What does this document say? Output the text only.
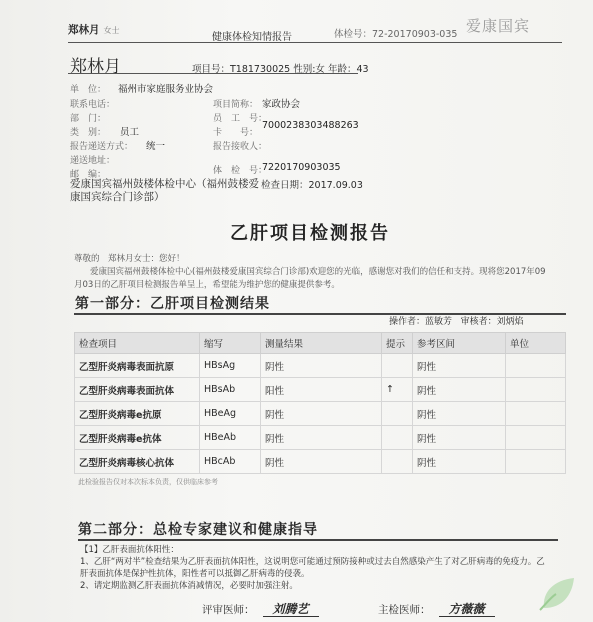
郑林月 女士
健康体检知情报告	体检号：72-20170903-035 爱康国宾
郑林月	项目号：T181730025 性别:女 年龄：43
单　位： 福州市家庭服务业协会
联系电话：
部　门：
类　别： 员工
报告递送方式： 统一
递送地址：
邮　编：
项目简称： 家政协会
员　工　号：
卡　　号：
7000238303488263
报告接收人：
体　检　号：
7220170903035
爱康国宾福州鼓楼体检中心（福州鼓楼爱康国宾综合门诊部）
检查日期：2017.09.03
乙肝项目检测报告
尊敬的　郑林月女士：您好！
爱康国宾福州鼓楼体检中心(福州鼓楼爱康国宾综合门诊部)欢迎您的光临，感谢您对我们的信任和支持。现将您2017年09月03日的乙肝项目检测报告单呈上，希望能为维护您的健康提供参考。
第一部分：乙肝项目检测结果
操作者：蓝敏芳 审核者：刘炳焰
检查项目	缩写	测量结果	提示	参考区间	单位
乙型肝炎病毒表面抗原	HBsAg	阴性		阴性	
乙型肝炎病毒表面抗体	HBsAb	阳性	↑	阴性	
乙型肝炎病毒e抗原	HBeAg	阴性		阴性	
乙型肝炎病毒e抗体	HBeAb	阴性		阴性	
乙型肝炎病毒核心抗体	HBcAb	阴性		阴性	
此检验报告仅对本次标本负责，仅供临床参考
第二部分：总检专家建议和健康指导
【1】乙肝表面抗体阳性：
1、乙肝“两对半”检查结果为乙肝表面抗体阳性，这说明您可能通过预防接种或过去自然感染产生了对乙肝病毒的免疫力。乙肝表面抗体是保护性抗体，阳性者可以抵御乙肝病毒的侵袭。
2、请定期监测乙肝表面抗体消减情况，必要时加强注射。
评审医师： 刘腾艺	主检医师： 方薇薇
